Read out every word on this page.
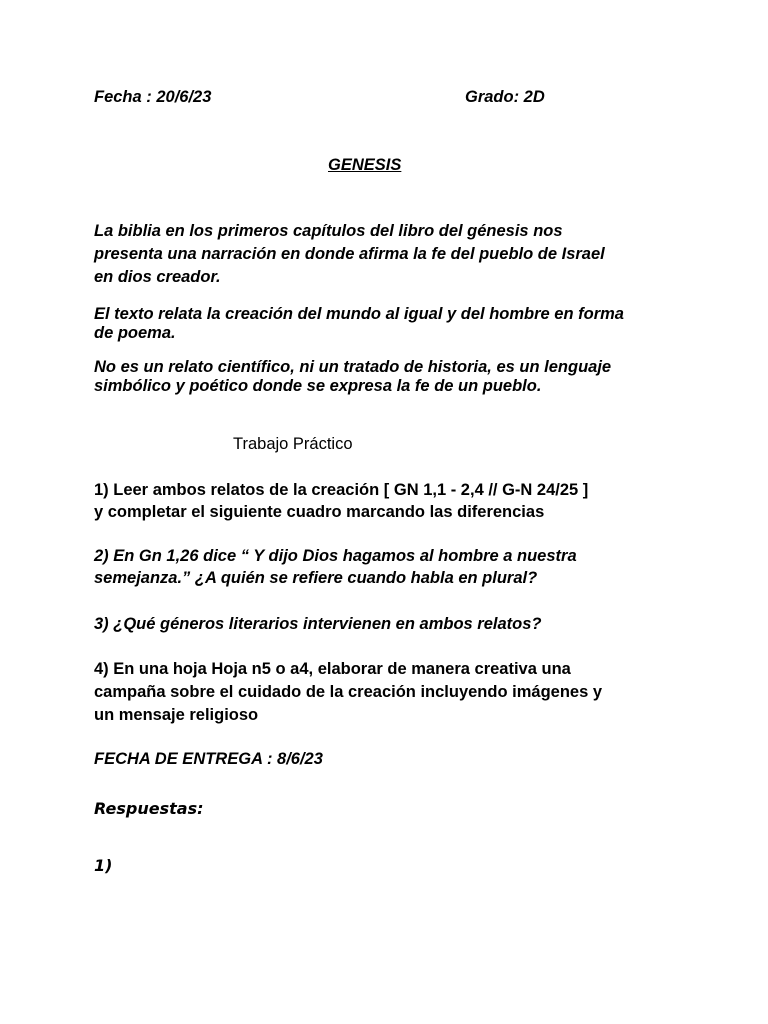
Fecha : 20/6/23	Grado: 2D

GENESIS

La biblia en los primeros capítulos del libro del génesis nos

presenta una narración en donde afirma la fe del pueblo de Israel

en dios creador.

El texto relata la creación del mundo al igual y del hombre en forma

de poema.

No es un relato científico, ni un tratado de historia, es un lenguaje

simbólico y poético donde se expresa la fe de un pueblo.

Trabajo Práctico

1) Leer ambos relatos de la creación [ GN 1,1 - 2,4 // G-N 24/25 ]

y completar el siguiente cuadro marcando las diferencias

2) En Gn 1,26 dice “ Y dijo Dios hagamos al hombre a nuestra

semejanza.” ¿A quién se refiere cuando habla en plural?

3) ¿Qué géneros literarios intervienen en ambos relatos?

4) En una hoja Hoja n5 o a4, elaborar de manera creativa una

campaña sobre el cuidado de la creación incluyendo imágenes y

un mensaje religioso

FECHA DE ENTREGA : 8/6/23

Respuestas:

1)
